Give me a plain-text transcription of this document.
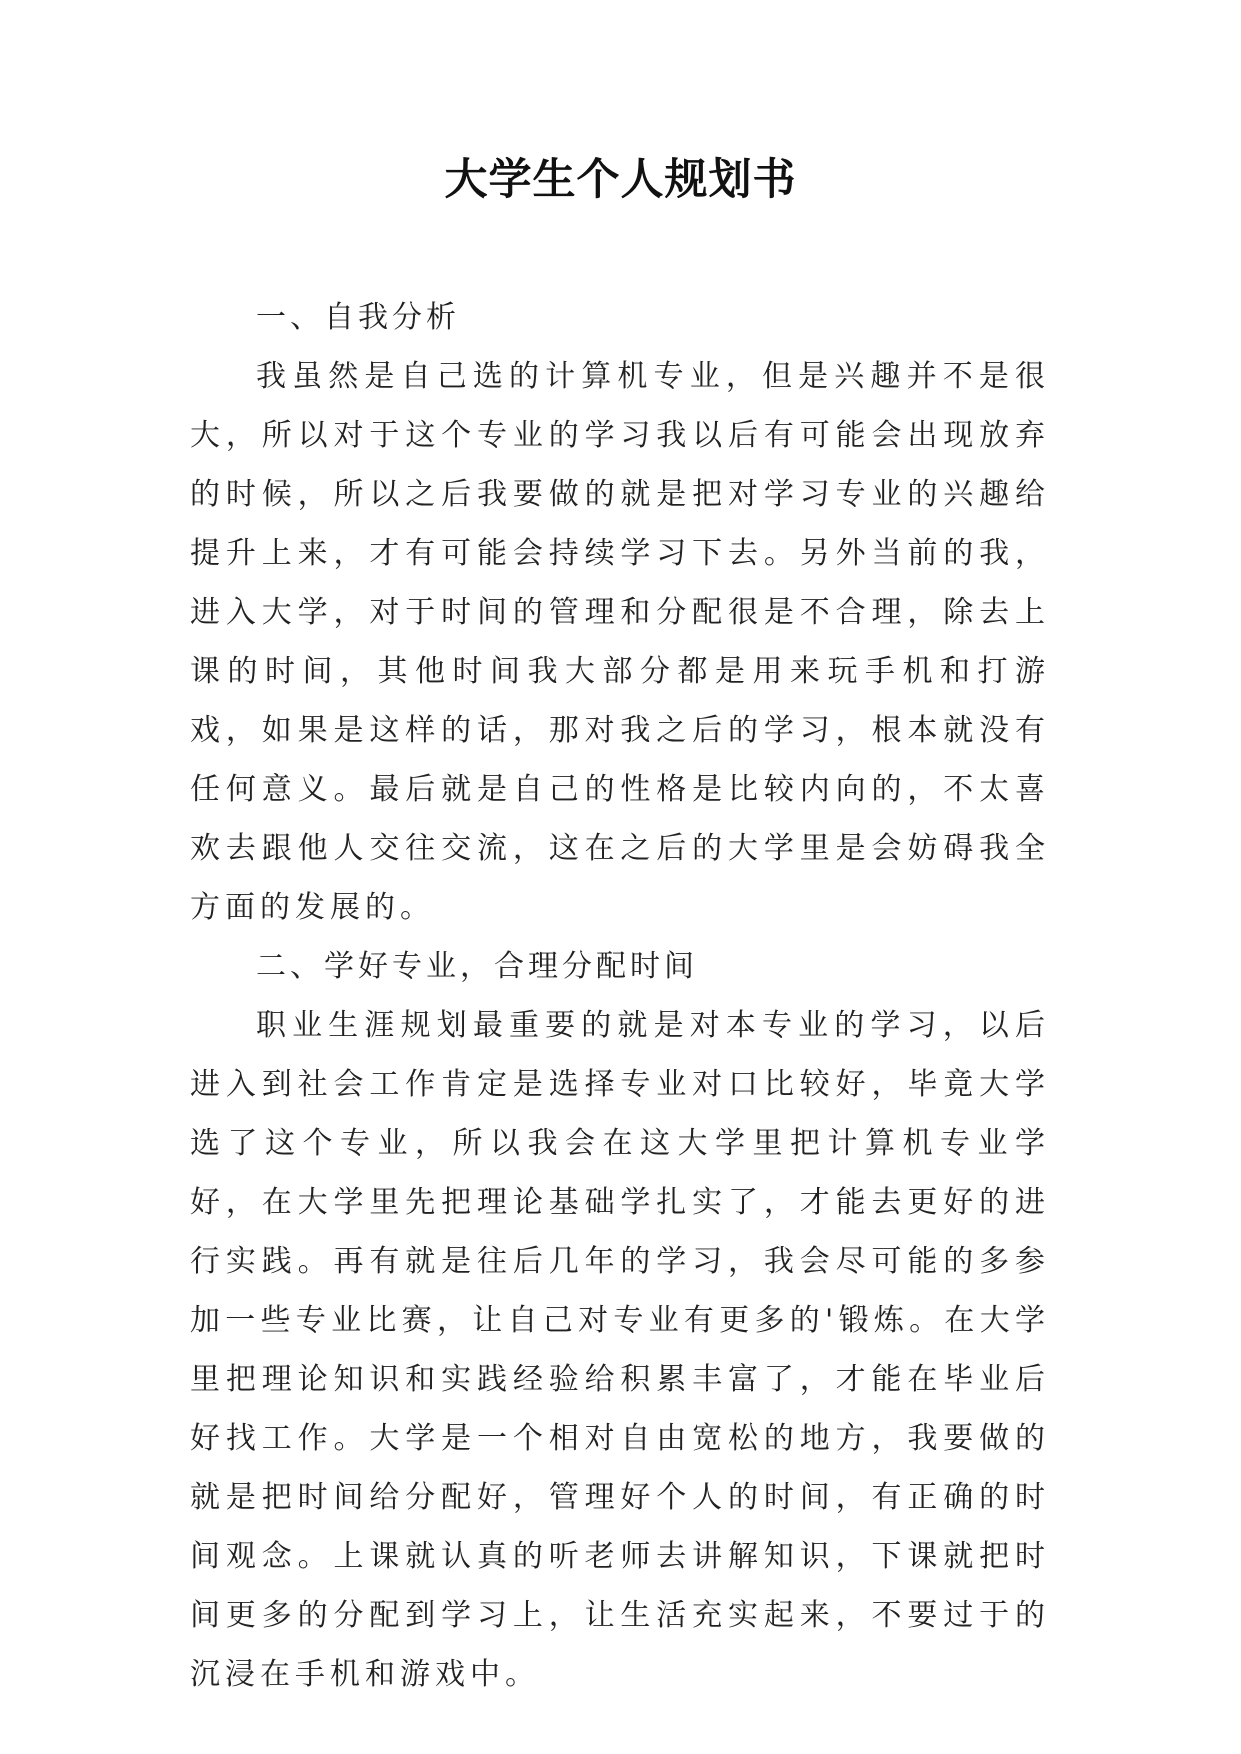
大学生个人规划书

一、自我分析

我虽然是自己选的计算机专业，但是兴趣并不是很大，所以对于这个专业的学习我以后有可能会出现放弃的时候，所以之后我要做的就是把对学习专业的兴趣给提升上来，才有可能会持续学习下去。另外当前的我，进入大学，对于时间的管理和分配很是不合理，除去上课的时间，其他时间我大部分都是用来玩手机和打游戏，如果是这样的话，那对我之后的学习，根本就没有任何意义。最后就是自己的性格是比较内向的，不太喜欢去跟他人交往交流，这在之后的大学里是会妨碍我全方面的发展的。

二、学好专业，合理分配时间

职业生涯规划最重要的就是对本专业的学习，以后进入到社会工作肯定是选择专业对口比较好，毕竟大学选了这个专业，所以我会在这大学里把计算机专业学好，在大学里先把理论基础学扎实了，才能去更好的进行实践。再有就是往后几年的学习，我会尽可能的多参加一些专业比赛，让自己对专业有更多的'锻炼。在大学里把理论知识和实践经验给积累丰富了，才能在毕业后好找工作。大学是一个相对自由宽松的地方，我要做的就是把时间给分配好，管理好个人的时间，有正确的时间观念。上课就认真的听老师去讲解知识，下课就把时间更多的分配到学习上，让生活充实起来，不要过于的沉浸在手机和游戏中。
